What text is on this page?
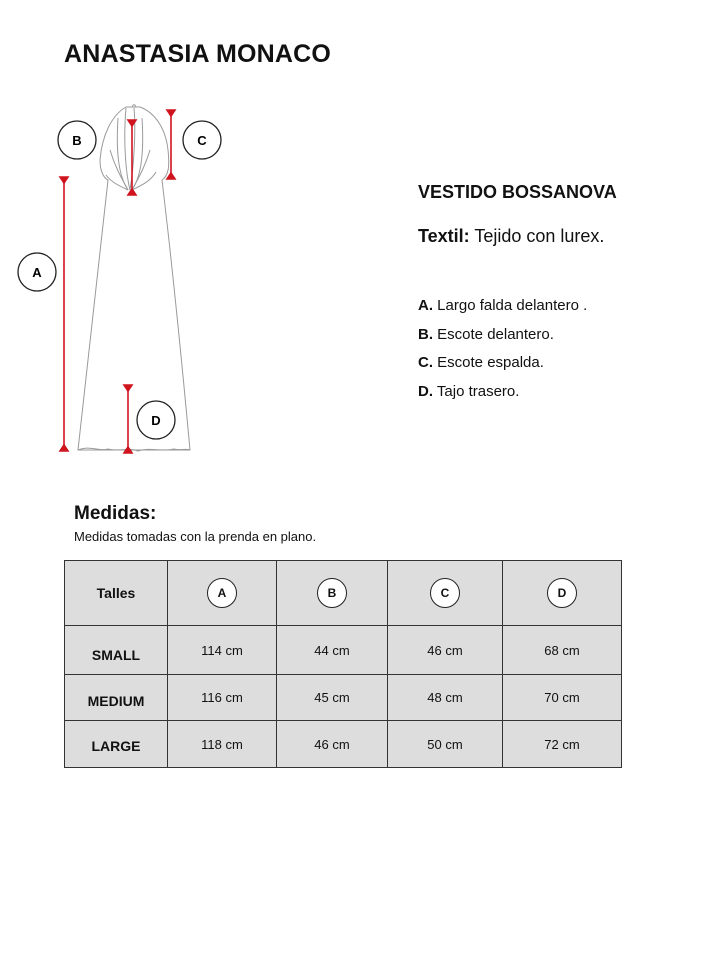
ANASTASIA MONACO
A
B	C
D
VESTIDO BOSSANOVA
Textil: Tejido con lurex.
A. Largo falda delantero .
B. Escote delantero.
C. Escote espalda.
D. Tajo trasero.
Medidas:
Medidas tomadas con la prenda en plano.
Talles	A	B	C	D
SMALL	114 cm	44 cm	46 cm	68 cm
MEDIUM	116 cm	45 cm	48 cm	70 cm
LARGE	118 cm	46 cm	50 cm	72 cm
